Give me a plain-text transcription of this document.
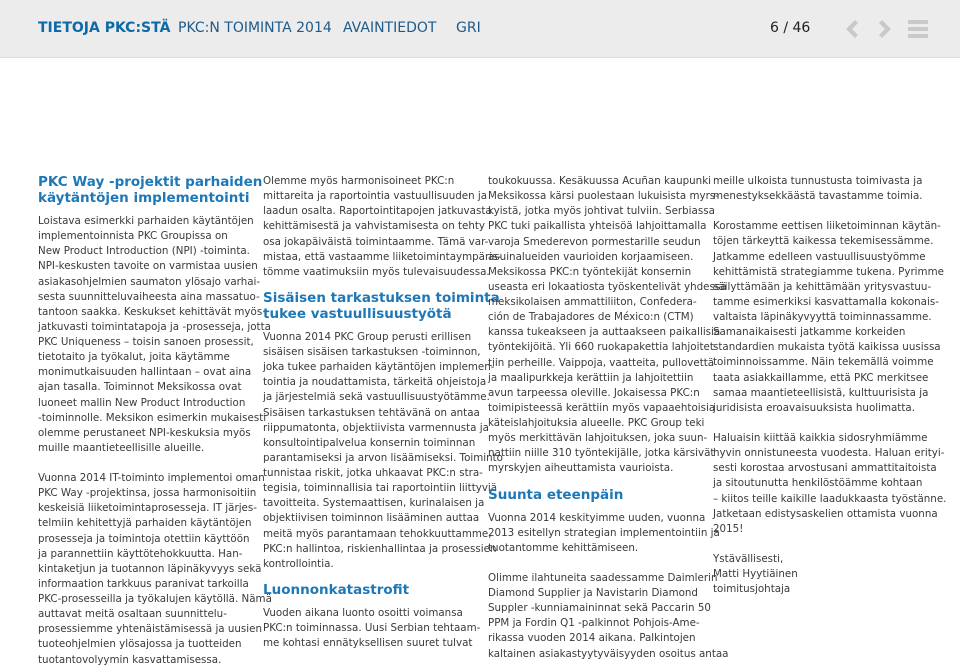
TIETOJA PKC:STÄ PKC:N TOIMINTA 2014 AVAINTIEDOT GRI	6 / 46
PKC Way -projektit parhaiden
käytäntöjen implementointi

Loistava esimerkki parhaiden käytäntöjen

implementoinnista PKC Groupissa on

New Product Introduction (NPI) -toiminta.

NPI-keskusten tavoite on varmistaa uusien

asiakasohjelmien saumaton ylösajo varhai-

sesta suunnitteluvaiheesta aina massatuo-

tantoon saakka. Keskukset kehittävät myös

jatkuvasti toimintatapoja ja -prosesseja, jotta

PKC Uniqueness – toisin sanoen prosessit,

tietotaito ja työkalut, joita käytämme

monimutkaisuuden hallintaan – ovat aina

ajan tasalla. Toiminnot Meksikossa ovat

luoneet mallin New Product Introduction

-toiminnolle. Meksikon esimerkin mukaisesti

olemme perustaneet NPI-keskuksia myös

muille maantieteellisille alueille.

Vuonna 2014 IT-toiminto implementoi oman

PKC Way -projektinsa, jossa harmonisoitiin

keskeisiä liiketoimintaprosesseja. IT järjes-

telmiin kehitettyjä parhaiden käytäntöjen

prosesseja ja toimintoja otettiin käyttöön

ja parannettiin käyttötehokkuutta. Han-

kintaketjun ja tuotannon läpinäkyvyys sekä

informaation tarkkuus paranivat tarkoilla

PKC-prosesseilla ja työkalujen käytöllä. Nämä

auttavat meitä osaltaan suunnittelu-

prosessiemme yhtenäistämisessä ja uusien

tuoteohjelmien ylösajossa ja tuotteiden

tuotantovolyymin kasvattamisessa.

Olemme myös harmonisoineet PKC:n

mittareita ja raportointia vastuullisuuden ja

laadun osalta. Raportointitapojen jatkuvasta

kehittämisestä ja vahvistamisesta on tehty

osa jokapäiväistä toimintaamme. Tämä var-

mistaa, että vastaamme liiketoimintaympäris-

tömme vaatimuksiin myös tulevaisuudessa.

Sisäisen tarkastuksen toiminta
tukee vastuullisuustyötä

Vuonna 2014 PKC Group perusti erillisen

sisäisen sisäisen tarkastuksen -toiminnon,

joka tukee parhaiden käytäntöjen implemen-

tointia ja noudattamista, tärkeitä ohjeistoja

ja järjestelmiä sekä vastuullisuustyötämme.

Sisäisen tarkastuksen tehtävänä on antaa

riippumatonta, objektiivista varmennusta ja

konsultointipalvelua konsernin toiminnan

parantamiseksi ja arvon lisäämiseksi. Toiminto

tunnistaa riskit, jotka uhkaavat PKC:n stra-

tegisia, toiminnallisia tai raportointiin liittyviä

tavoitteita. Systemaattisen, kurinalaisen ja

objektiivisen toiminnon lisääminen auttaa

meitä myös parantamaan tehokkuuttamme,

PKC:n hallintoa, riskienhallintaa ja prosessien

kontrollointia.

Luonnonkatastrofit

Vuoden aikana luonto osoitti voimansa

PKC:n toiminnassa. Uusi Serbian tehtaam-

me kohtasi ennätyksellisen suuret tulvat

toukokuussa. Kesäkuussa Acuñan kaupunki

Meksikossa kärsi puolestaan lukuisista myrs-

kyistä, jotka myös johtivat tulviin. Serbiassa

PKC tuki paikallista yhteisöä lahjoittamalla

varoja Smederevon pormestarille seudun

asuinalueiden vaurioiden korjaamiseen.

Meksikossa PKC:n työntekijät konsernin

useasta eri lokaatiosta työskentelivät yhdessä

meksikolaisen ammattiliiton, Confedera-

ción de Trabajadores de México:n (CTM)

kanssa tukeakseen ja auttaakseen paikallisia

työntekijöitä. Yli 660 ruokapakettia lahjoitet-

tiin perheille. Vaippoja, vaatteita, pullovettä

ja maalipurkkeja kerättiin ja lahjoitettiin

avun tarpeessa oleville. Jokaisessa PKC:n

toimipisteessä kerättiin myös vapaaehtoisia

käteislahjoituksia alueelle. PKC Group teki

myös merkittävän lahjoituksen, joka suun-

nattiin niille 310 työntekijälle, jotka kärsivät

myrskyjen aiheuttamista vaurioista.

Suunta eteenpäin

Vuonna 2014 keskityimme uuden, vuonna

2013 esitellyn strategian implementointiin ja

tuotantomme kehittämiseen.

Olimme ilahtuneita saadessamme Daimlerin

Diamond Supplier ja Navistarin Diamond

Suppler -kunniamaininnat sekä Paccarin 50

PPM ja Fordin Q1 -palkinnot Pohjois-Ame-

rikassa vuoden 2014 aikana. Palkintojen

kaltainen asiakastyytyväisyyden osoitus antaa

meille ulkoista tunnustusta toimivasta ja

menestyksekkäästä tavastamme toimia.

Korostamme eettisen liiketoiminnan käytän-

töjen tärkeyttä kaikessa tekemisessämme.

Jatkamme edelleen vastuullisuustyömme

kehittämistä strategiamme tukena. Pyrimme

säilyttämään ja kehittämään yritysvastuu-

tamme esimerkiksi kasvattamalla kokonais-

valtaista läpinäkyvyyttä toiminnassamme.

Samanaikaisesti jatkamme korkeiden

standardien mukaista työtä kaikissa uusissa

toiminnoissamme. Näin tekemällä voimme

taata asiakkaillamme, että PKC merkitsee

samaa maantieteellisistä, kulttuurisista ja

juridisista eroavaisuuksista huolimatta.

Haluaisin kiittää kaikkia sidosryhmiämme

hyvin onnistuneesta vuodesta. Haluan erityi-

sesti korostaa arvostusani ammattitaitoista

ja sitoutunutta henkilöstöämme kohtaan

– kiitos teille kaikille laadukkaasta työstänne.

Jatketaan edistysaskelien ottamista vuonna

2015!

Ystävällisesti,

Matti Hyytiäinen

toimitusjohtaja
